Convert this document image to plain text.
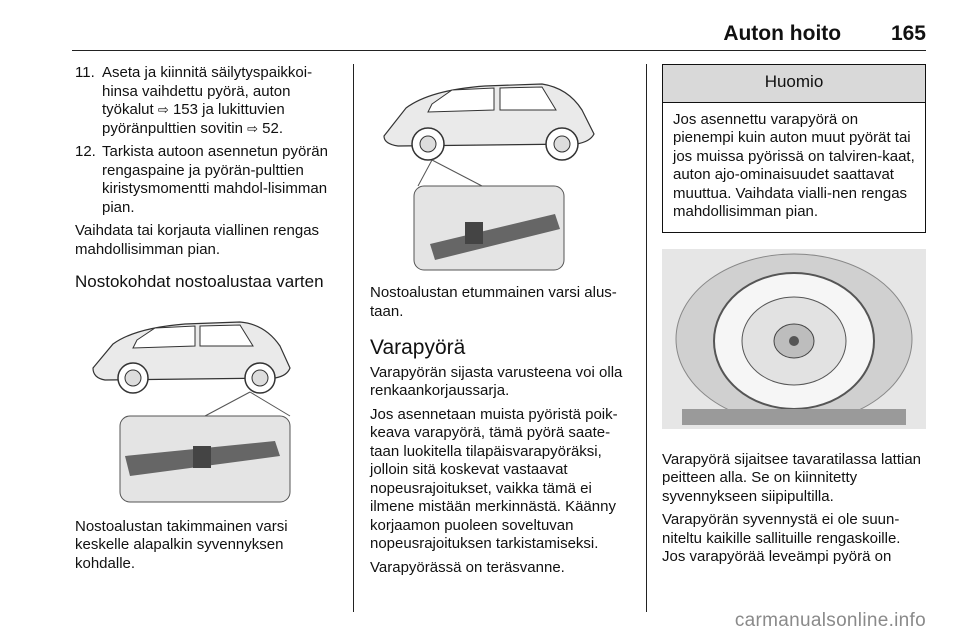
Auton hoito 165
11. Aseta ja kiinnitä säilytyspaikkoi-hinsa vaihdettu pyörä, auton työkalut ⇨ 153 ja lukittuvien pyöränpulttien sovitin ⇨ 52.
12. Tarkista autoon asennetun pyörän rengaspaine ja pyörän-pulttien kiristysmomentti mahdol-lisimman pian.

Vaihdata tai korjauta viallinen rengas mahdollisimman pian.

Nostokohdat nostoalustaa varten

Nostoalustan takimmainen varsi keskelle alapalkin syvennyksen kohdalle.

Nostoalustan etummainen varsi alus-taan.

Varapyörä

Varapyörän sijasta varusteena voi olla renkaankorjaussarja.

Jos asennetaan muista pyöristä poik-keava varapyörä, tämä pyörä saate-taan luokitella tilapäisvarapyöräksi, jolloin sitä koskevat vastaavat nopeusrajoitukset, vaikka tämä ei ilmene mistään merkinnästä. Käänny korjaamon puoleen soveltuvan nopeusrajoituksen tarkistamiseksi.

Varapyörässä on teräsvanne.

Huomio
Jos asennettu varapyörä on pienempi kuin auton muut pyörät tai jos muissa pyörissä on talviren-kaat, auton ajo-ominaisuudet saattavat muuttua. Vaihdata vialli-nen rengas mahdollisimman pian.

Varapyörä sijaitsee tavaratilassa lattian peitteen alla. Se on kiinnitetty syvennykseen siipipultilla.

Varapyörän syvennystä ei ole suun-niteltu kaikille sallituille rengaskoille. Jos varapyörää leveämpi pyörä on

carmanualsonline.info
